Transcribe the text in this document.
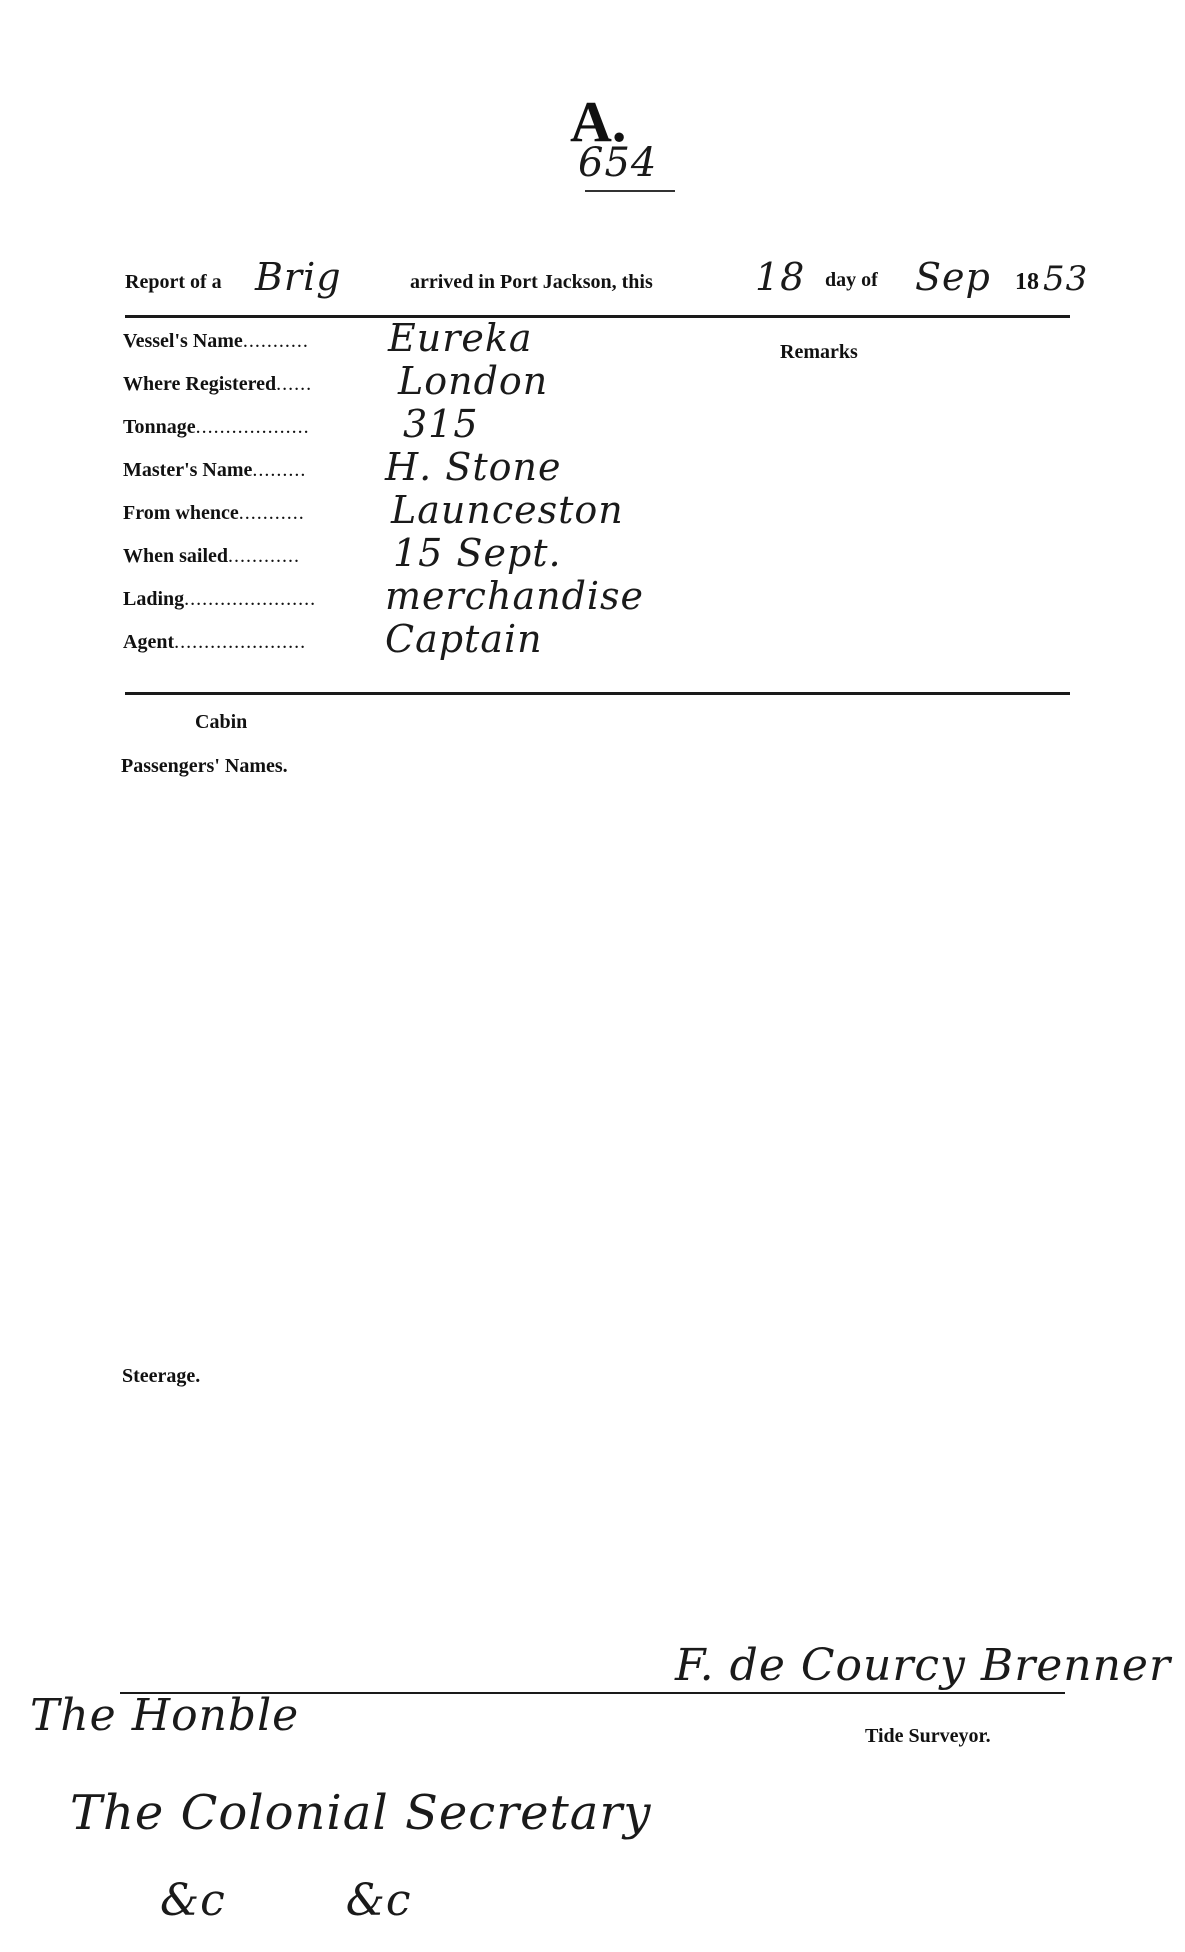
A.
654
Report of a Brig	arrived in Port Jackson, this	18 day of Sep 18 53
Vessel's Name........... Eureka
Where Registered...... London
Tonnage................... 315
Master's Name......... H. Stone
From whence........... Launceston
When sailed............ 15 Sept.
Lading...................... merchandise
Agent...................... Captain
Remarks
Cabin
Passengers' Names.
Steerage.
F. de Courcy Brenner
Tide Surveyor.
The Honble
The Colonial Secretary
&c        &c
